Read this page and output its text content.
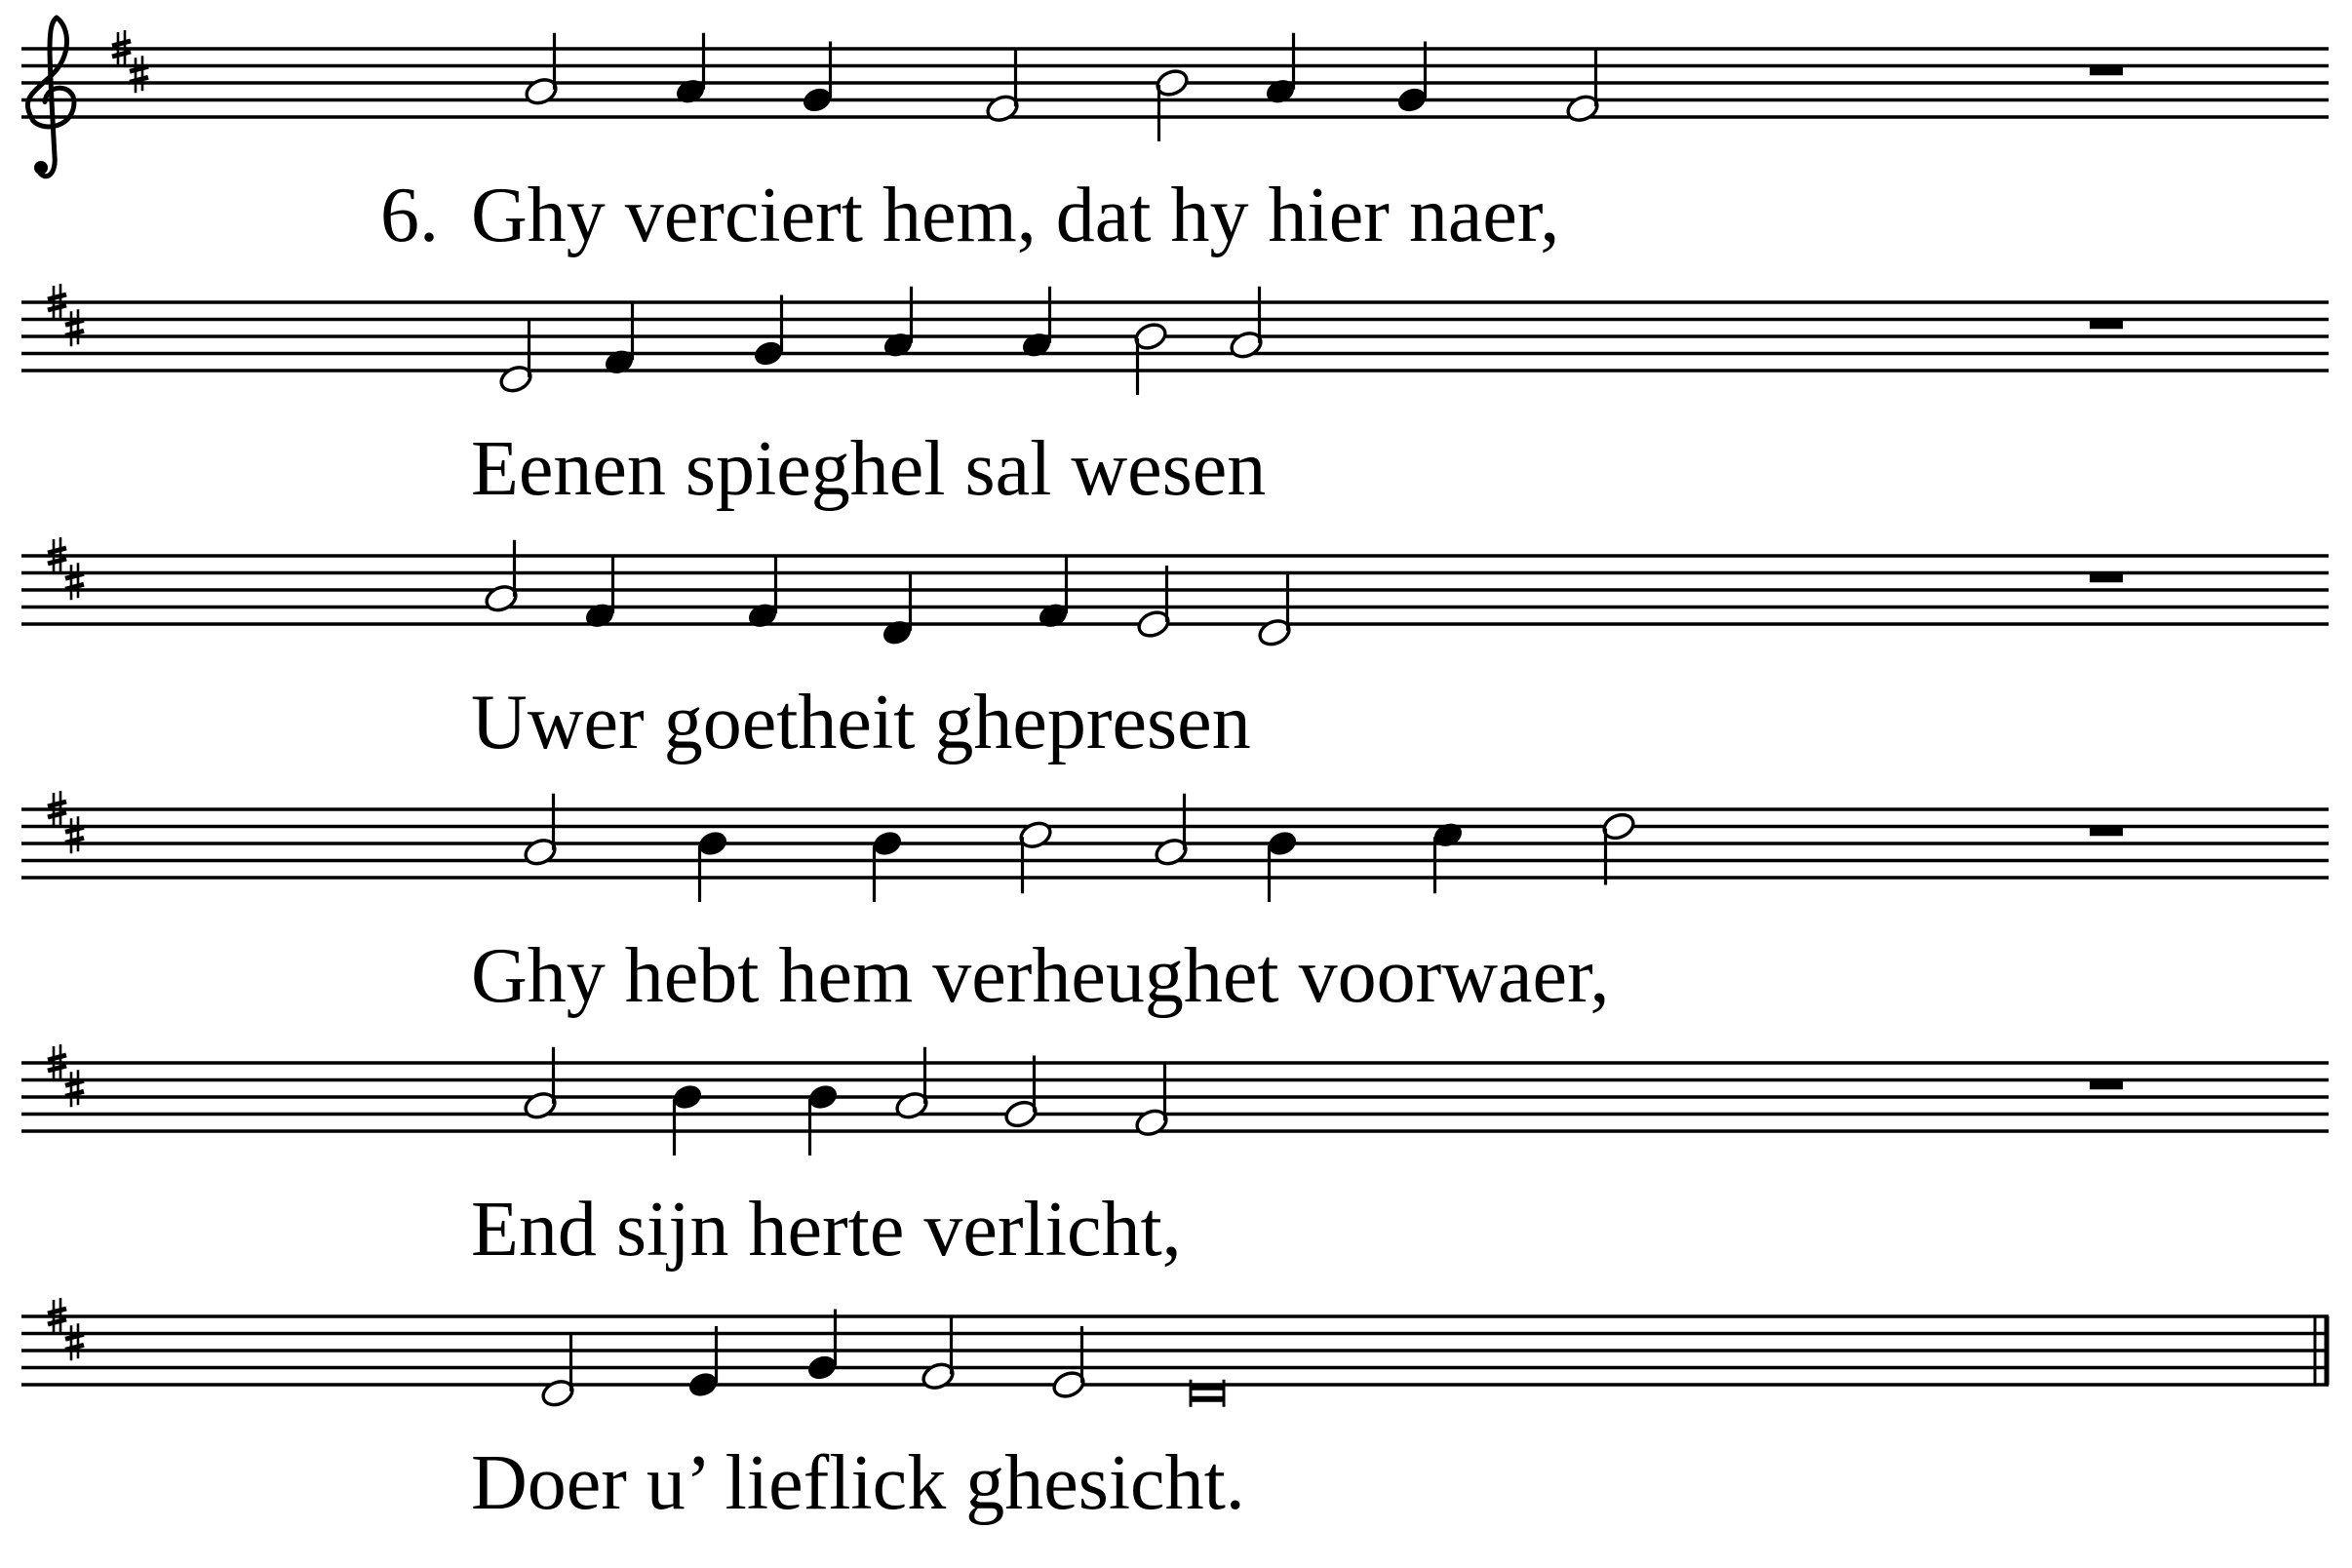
6. Ghy verciert hem, dat hy hier naer,
Eenen spieghel sal wesen
Uwer goetheit ghepresen
Ghy hebt hem verheughet voorwaer,
End sijn herte verlicht,
Doer u’ lieflick ghesicht.
